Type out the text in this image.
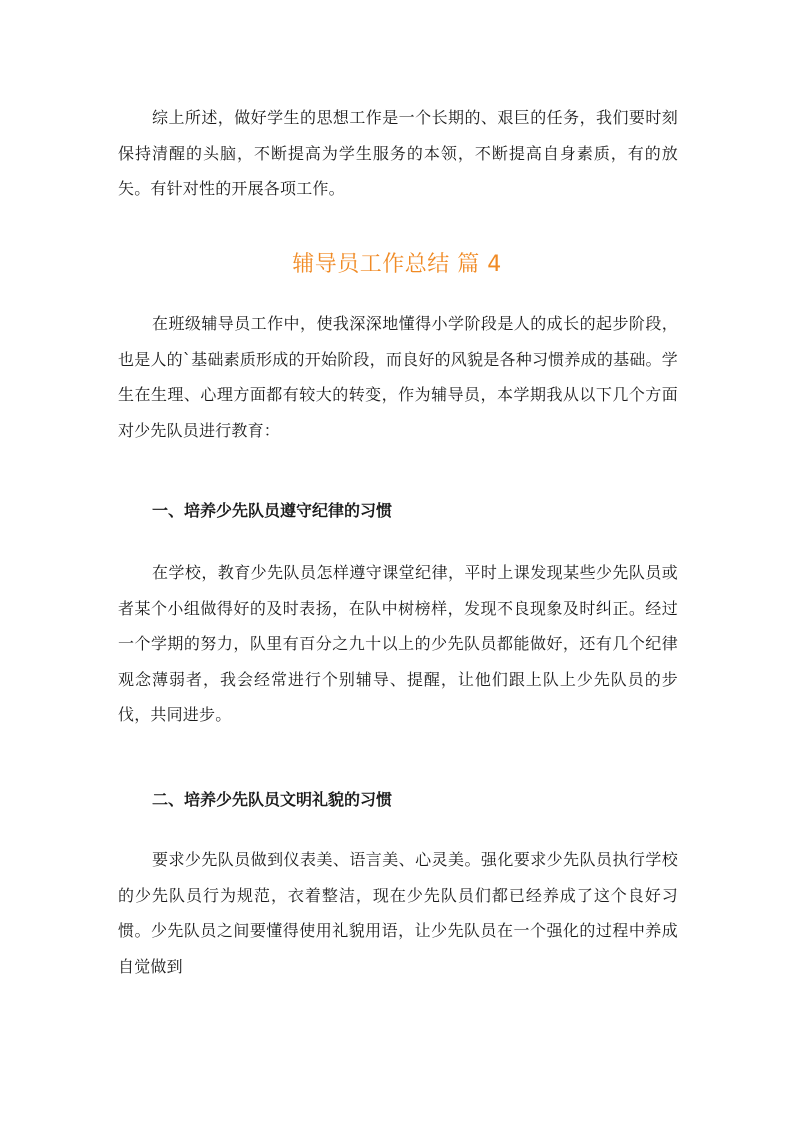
综上所述，做好学生的思想工作是一个长期的、艰巨的任务，我们要时刻保持清醒的头脑，不断提高为学生服务的本领，不断提高自身素质，有的放矢。有针对性的开展各项工作。

辅导员工作总结 篇 4

在班级辅导员工作中，使我深深地懂得小学阶段是人的成长的起步阶段，也是人的`基础素质形成的开始阶段，而良好的风貌是各种习惯养成的基础。学生在生理、心理方面都有较大的转变，作为辅导员，本学期我从以下几个方面对少先队员进行教育：

一、培养少先队员遵守纪律的习惯

在学校，教育少先队员怎样遵守课堂纪律，平时上课发现某些少先队员或者某个小组做得好的及时表扬，在队中树榜样，发现不良现象及时纠正。经过一个学期的努力，队里有百分之九十以上的少先队员都能做好，还有几个纪律观念薄弱者，我会经常进行个别辅导、提醒，让他们跟上队上少先队员的步伐，共同进步。

二、培养少先队员文明礼貌的习惯

要求少先队员做到仪表美、语言美、心灵美。强化要求少先队员执行学校的少先队员行为规范，衣着整洁，现在少先队员们都已经养成了这个良好习惯。少先队员之间要懂得使用礼貌用语，让少先队员在一个强化的过程中养成自觉做到
